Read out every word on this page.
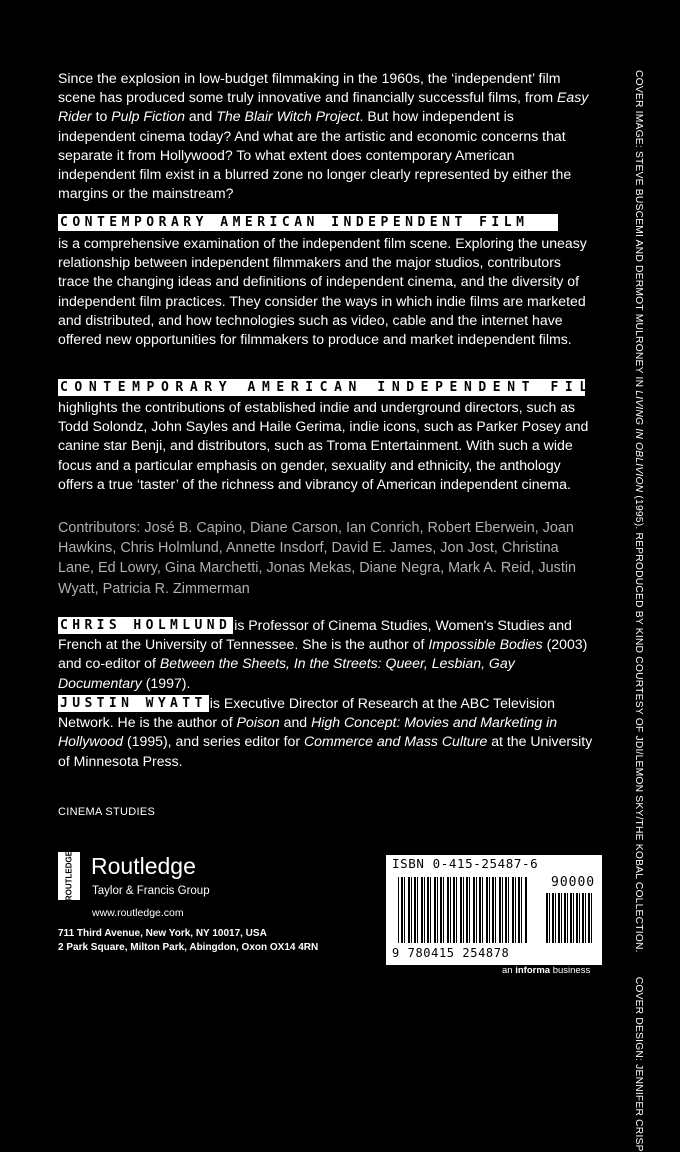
Since the explosion in low-budget filmmaking in the 1960s, the ‘independent’ film scene has produced some truly innovative and financially successful films, from Easy Rider to Pulp Fiction and The Blair Witch Project. But how independent is independent cinema today? And what are the artistic and economic concerns that separate it from Hollywood? To what extent does contemporary American independent film exist in a blurred zone no longer clearly represented by either the margins or the mainstream?

CONTEMPORARY AMERICAN INDEPENDENT FILM

is a comprehensive examination of the independent film scene. Exploring the uneasy relationship between independent filmmakers and the major studios, contributors trace the changing ideas and definitions of independent cinema, and the diversity of independent film practices. They consider the ways in which indie films are marketed and distributed, and how technologies such as video, cable and the internet have offered new opportunities for filmmakers to produce and market independent films.

CONTEMPORARY AMERICAN INDEPENDENT FILM

highlights the contributions of established indie and underground directors, such as Todd Solondz, John Sayles and Haile Gerima, indie icons, such as Parker Posey and canine star Benji, and distributors, such as Troma Entertainment. With such a wide focus and a particular emphasis on gender, sexuality and ethnicity, the anthology offers a true ‘taster’ of the richness and vibrancy of American independent cinema.

Contributors: José B. Capino, Diane Carson, Ian Conrich, Robert Eberwein, Joan Hawkins, Chris Holmlund, Annette Insdorf, David E. James, Jon Jost, Christina Lane, Ed Lowry, Gina Marchetti, Jonas Mekas, Diane Negra, Mark A. Reid, Justin Wyatt, Patricia R. Zimmerman

CHRIS HOLMLUND is Professor of Cinema Studies, Women's Studies and French at the University of Tennessee. She is the author of Impossible Bodies (2003) and co-editor of Between the Sheets, In the Streets: Queer, Lesbian, Gay Documentary (1997).

JUSTIN WYATT is Executive Director of Research at the ABC Television Network. He is the author of Poison and High Concept: Movies and Marketing in Hollywood (1995), and series editor for Commerce and Mass Culture at the University of Minnesota Press.

CINEMA STUDIES
ROUTLEDGE Routledge
Taylor & Francis Group
www.routledge.com
711 Third Avenue, New York, NY 10017, USA
2 Park Square, Milton Park, Abingdon, Oxon OX14 4RN
ISBN 0-415-25487-6
90000
9 780415 254878
an informa business
COVER IMAGE: STEVE BUSCEMI AND DERMOT MULRONEY IN LIVING IN OBLIVION (1995). REPRODUCED BY KIND COURTESY OF JDI/LEMON SKY/THE KOBAL COLLECTION.COVER DESIGN: JENNIFER CRISP
